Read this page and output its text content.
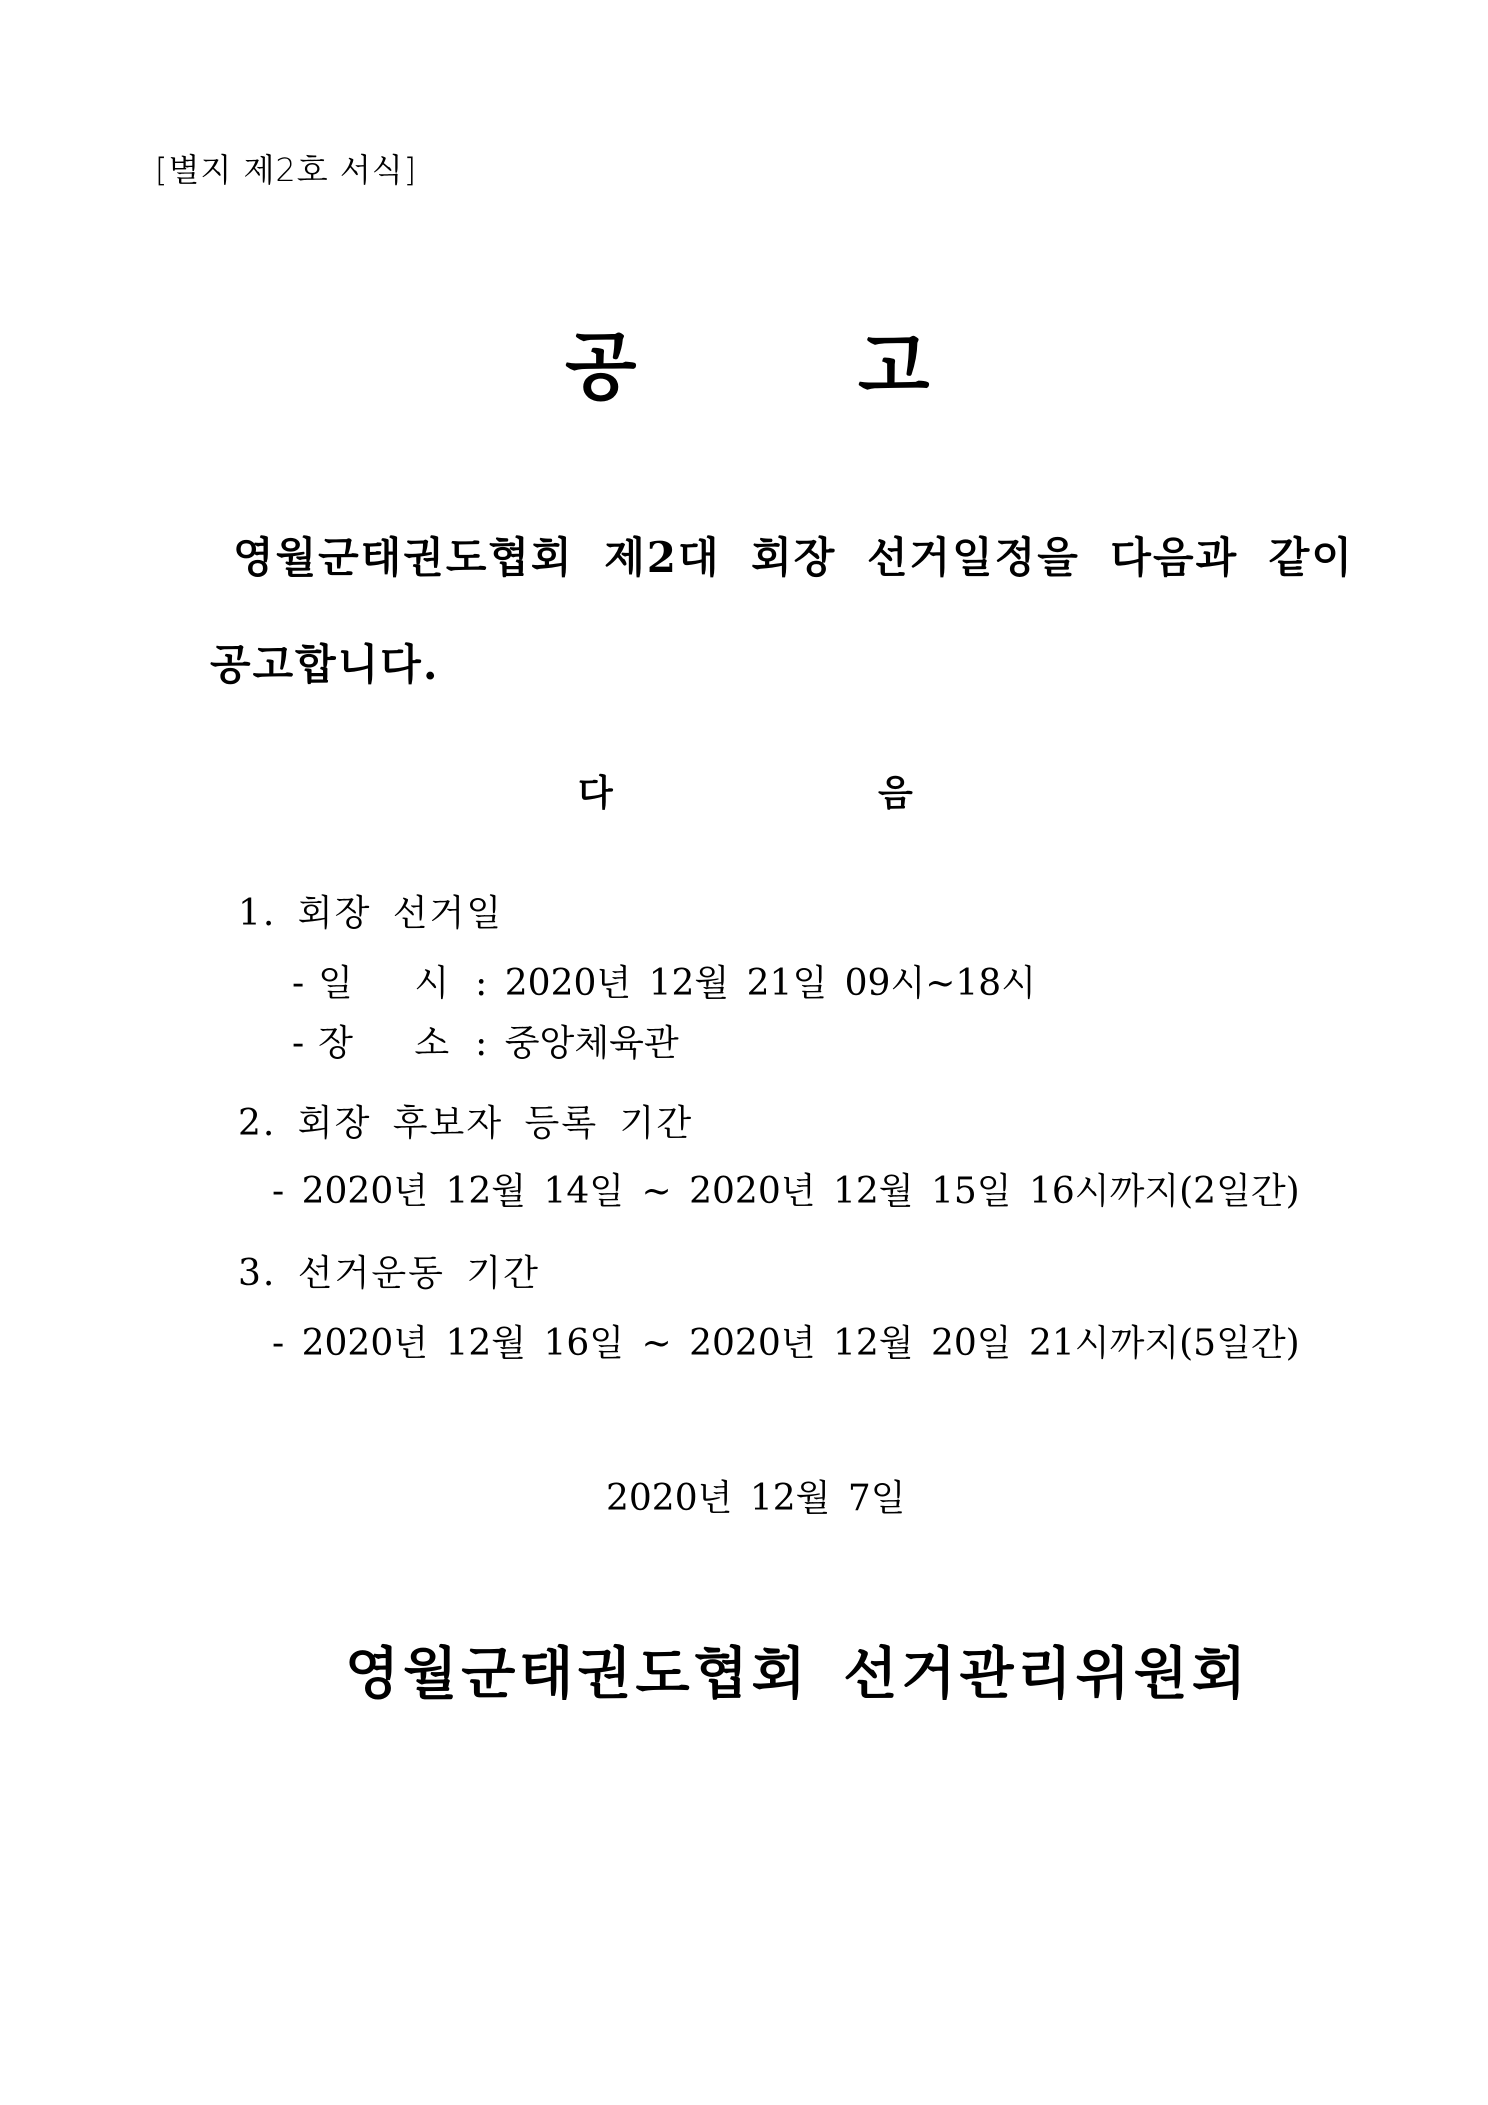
[별지 제2호 서식]
공	고
영월군태권도협회 제2대 회장 선거일정을 다음과 같이
공고합니다.
다	음
1. 회장 선거일
- 일 시 : 2020년 12월 21일 09시~18시
- 장 소 : 중앙체육관
2. 회장 후보자 등록 기간
- 2020년 12월 14일 ~ 2020년 12월 15일 16시까지(2일간)
3. 선거운동 기간
- 2020년 12월 16일 ~ 2020년 12월 20일 21시까지(5일간)
2020년 12월 7일
영월군태권도협회 선거관리위원회
